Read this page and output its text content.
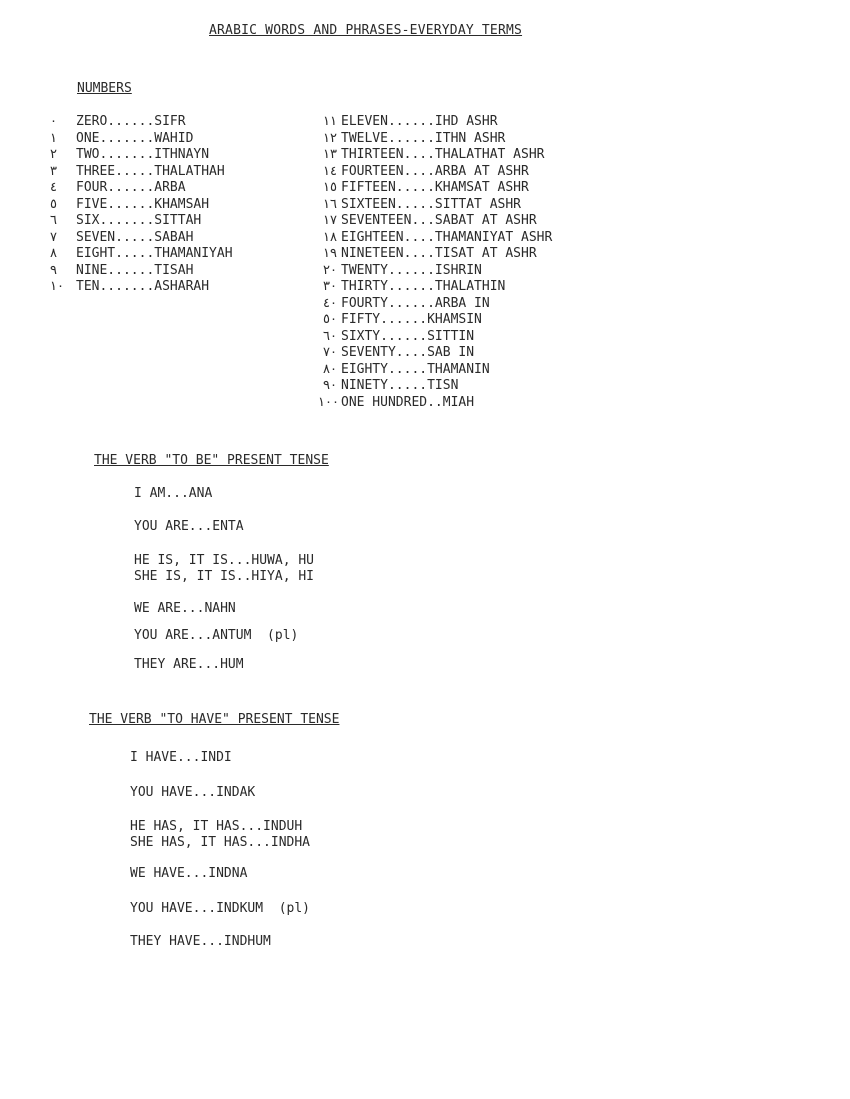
ARABIC WORDS AND PHRASES-EVERYDAY TERMS
NUMBERS
٠	ZERO......SIFR
١	ONE.......WAHID
٢	TWO.......ITHNAYN
٣	THREE.....THALATHAH
٤	FOUR......ARBA
٥	FIVE......KHAMSAH
٦	SIX.......SITTAH
٧	SEVEN.....SABAH
٨	EIGHT.....THAMANIYAH
٩	NINE......TISAH
١٠ TEN.......ASHARAH
١١ ELEVEN......IHD ASHR
١٢ TWELVE......ITHN ASHR
١٣ THIRTEEN....THALATHAT ASHR
١٤ FOURTEEN....ARBA AT ASHR
١٥ FIFTEEN.....KHAMSAT ASHR
١٦ SIXTEEN.....SITTAT ASHR
١٧ SEVENTEEN...SABAT AT ASHR
١٨ EIGHTEEN....THAMANIYAT ASHR
١٩ NINETEEN....TISAT AT ASHR
٢٠ TWENTY......ISHRIN
٣٠ THIRTY......THALATHIN
٤٠ FOURTY......ARBA IN
٥٠ FIFTY......KHAMSIN
٦٠ SIXTY......SITTIN
٧٠ SEVENTY....SAB IN
٨٠ EIGHTY.....THAMANIN
٩٠ NINETY.....TISN
١٠٠ ONE HUNDRED..MIAH
THE VERB "TO BE" PRESENT TENSE
I AM...ANA
YOU ARE...ENTA
HE IS, IT IS...HUWA, HU
SHE IS, IT IS..HIYA, HI
WE ARE...NAHN
YOU ARE...ANTUM  (pl)
THEY ARE...HUM
THE VERB "TO HAVE" PRESENT TENSE
I HAVE...INDI
YOU HAVE...INDAK
HE HAS, IT HAS...INDUH
SHE HAS, IT HAS...INDHA
WE HAVE...INDNA
YOU HAVE...INDKUM  (pl)
THEY HAVE...INDHUM
